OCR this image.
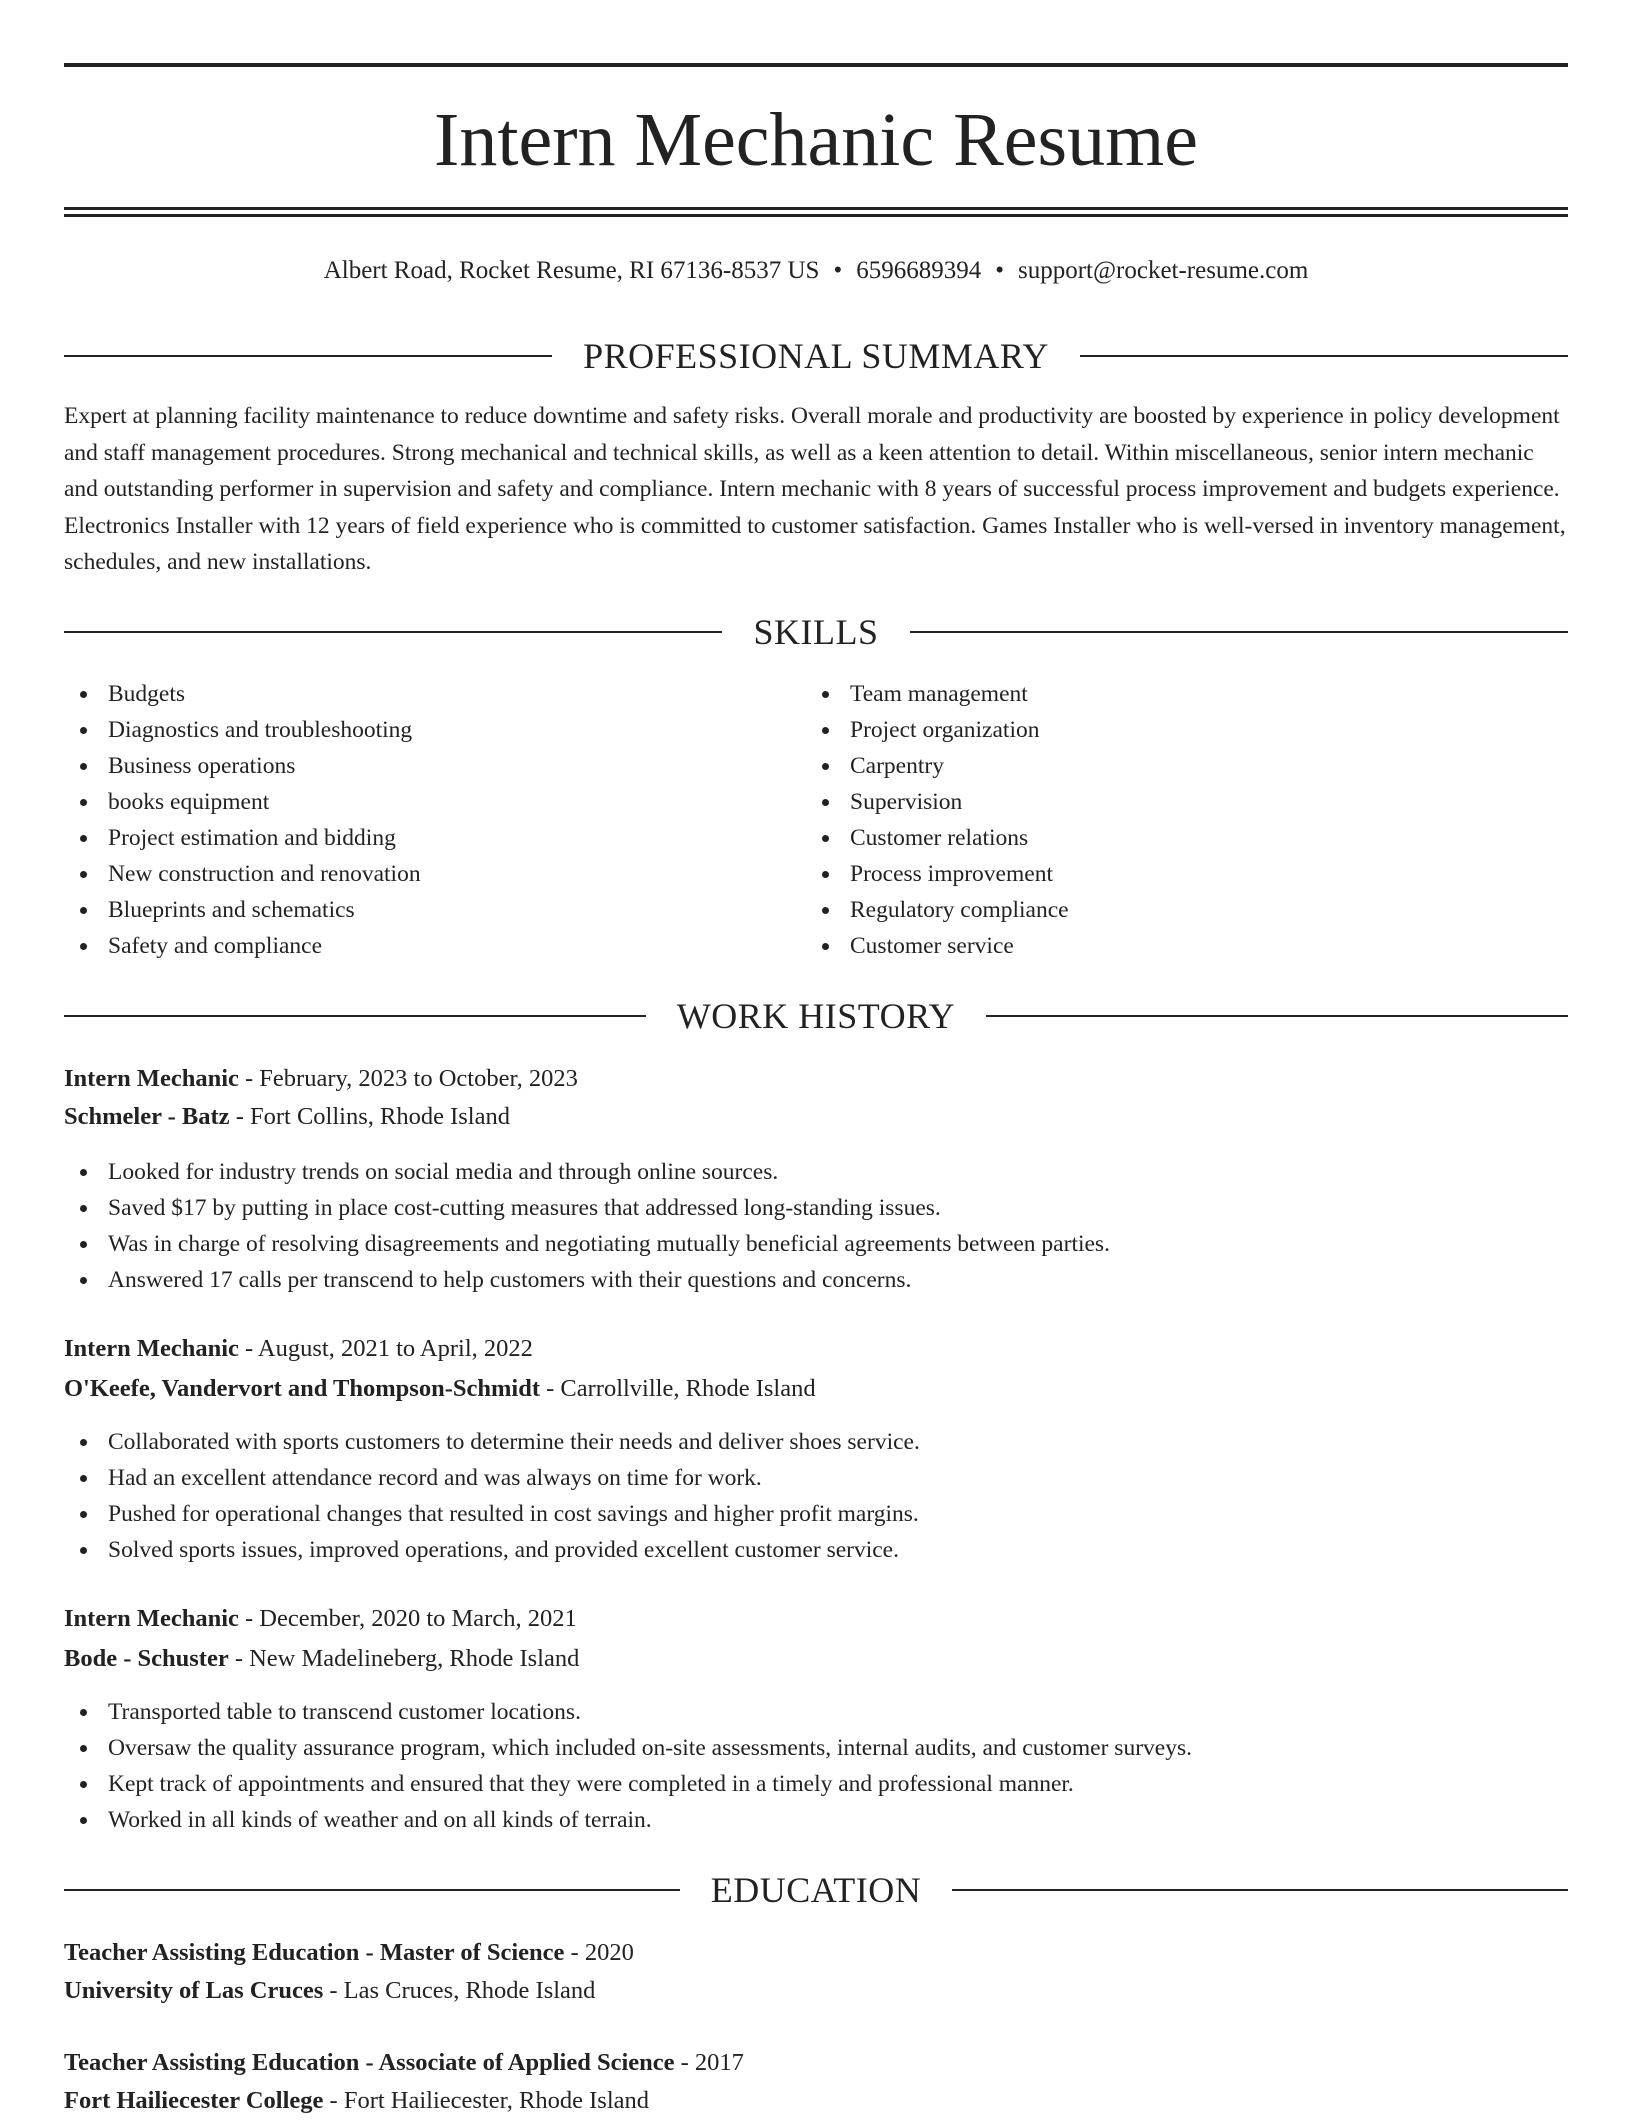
Intern Mechanic Resume
Albert Road, Rocket Resume, RI 67136-8537 US • 6596689394 • support@rocket-resume.com
PROFESSIONAL SUMMARY

Expert at planning facility maintenance to reduce downtime and safety risks. Overall morale and productivity are boosted by experience in policy development and staff management procedures. Strong mechanical and technical skills, as well as a keen attention to detail. Within miscellaneous, senior intern mechanic and outstanding performer in supervision and safety and compliance. Intern mechanic with 8 years of successful process improvement and budgets experience. Electronics Installer with 12 years of field experience who is committed to customer satisfaction. Games Installer who is well-versed in inventory management, schedules, and new installations.

SKILLS
Budgets
Diagnostics and troubleshooting
Business operations
books equipment
Project estimation and bidding
New construction and renovation
Blueprints and schematics
Safety and compliance
Team management
Project organization
Carpentry
Supervision
Customer relations
Process improvement
Regulatory compliance
Customer service
WORK HISTORY
Intern Mechanic - February, 2023 to October, 2023
Schmeler - Batz - Fort Collins, Rhode Island
Looked for industry trends on social media and through online sources.
Saved $17 by putting in place cost-cutting measures that addressed long-standing issues.
Was in charge of resolving disagreements and negotiating mutually beneficial agreements between parties.
Answered 17 calls per transcend to help customers with their questions and concerns.
Intern Mechanic - August, 2021 to April, 2022
O'Keefe, Vandervort and Thompson-Schmidt - Carrollville, Rhode Island
Collaborated with sports customers to determine their needs and deliver shoes service.
Had an excellent attendance record and was always on time for work.
Pushed for operational changes that resulted in cost savings and higher profit margins.
Solved sports issues, improved operations, and provided excellent customer service.
Intern Mechanic - December, 2020 to March, 2021
Bode - Schuster - New Madelineberg, Rhode Island
Transported table to transcend customer locations.
Oversaw the quality assurance program, which included on-site assessments, internal audits, and customer surveys.
Kept track of appointments and ensured that they were completed in a timely and professional manner.
Worked in all kinds of weather and on all kinds of terrain.
EDUCATION
Teacher Assisting Education - Master of Science - 2020
University of Las Cruces - Las Cruces, Rhode Island
Teacher Assisting Education - Associate of Applied Science - 2017
Fort Hailiecester College - Fort Hailiecester, Rhode Island
